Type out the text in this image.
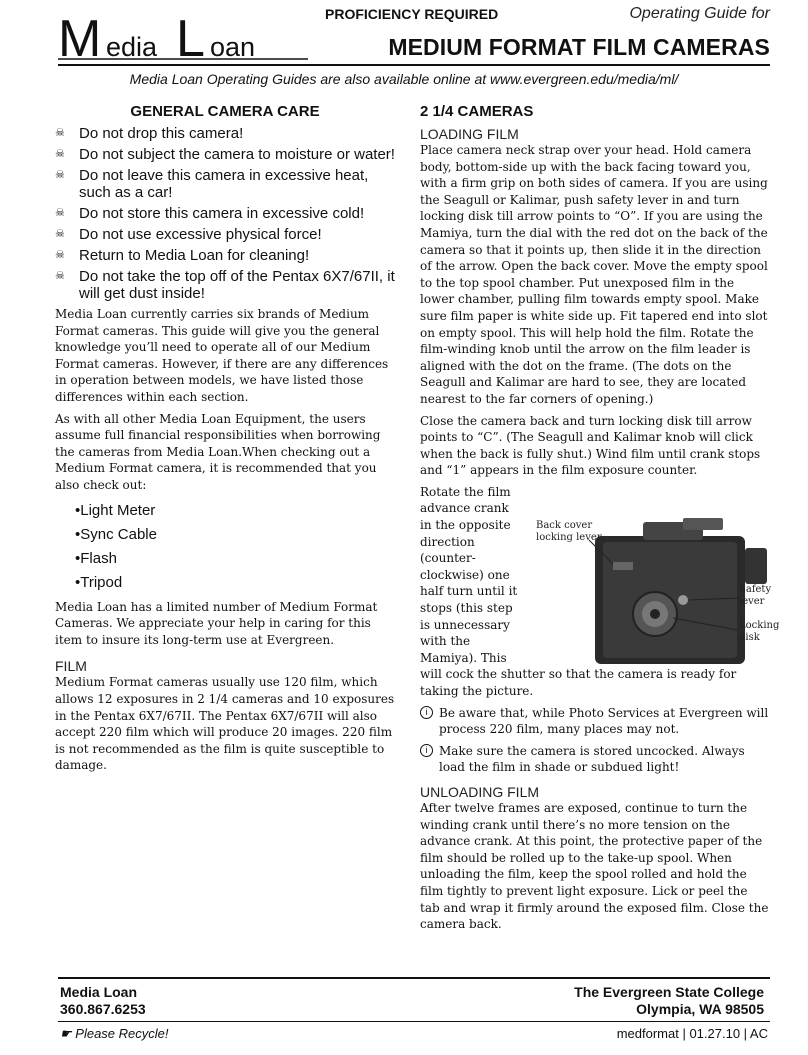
M edia L oan
PROFICIENCY REQUIRED	Operating Guide for
MEDIUM FORMAT FILM CAMERAS
Media Loan Operating Guides are also available online at www.evergreen.edu/media/ml/
GENERAL CAMERA CARE
☠ Do not drop this camera!
☠ Do not subject the camera to moisture or water!
☠ Do not leave this camera in excessive heat, such as a car!
☠ Do not store this camera in excessive cold!
☠ Do not use excessive physical force!
☠ Return to Media Loan for cleaning!
☠ Do not take the top off of the Pentax 6X7/67II, it will get dust inside!

Media Loan currently carries six brands of Medium Format cameras. This guide will give you the general knowledge you’ll need to operate all of our Medium Format cameras. However, if there are any differences in operation between models, we have listed those differences within each section.

As with all other Media Loan Equipment, the users assume full financial responsibilities when borrowing the cameras from Media Loan.When checking out a Medium Format camera, it is recommended that you also check out:

•Light Meter
•Sync Cable
•Flash
•Tripod

Media Loan has a limited number of Medium Format Cameras. We appreciate your help in caring for this item to insure its long-term use at Evergreen.

FILM

Medium Format cameras usually use 120 film, which allows 12 exposures in 2 1/4 cameras and 10 exposures in the Pentax 6X7/67II. The Pentax 6X7/67II will also accept 220 film which will produce 20 images. 220 film is not recommended as the film is quite susceptible to damage.

2 1/4 CAMERAS
LOADING FILM

Place camera neck strap over your head. Hold camera body, bottom-side up with the back facing toward you, with a firm grip on both sides of camera. If you are using the Seagull or Kalimar, push safety lever in and turn locking disk till arrow points to “O”. If you are using the Mamiya, turn the dial with the red dot on the back of the camera so that it points up, then slide it in the direction of the arrow. Open the back cover. Move the empty spool to the top spool chamber. Put unexposed film in the lower chamber, pulling film towards empty spool. Make sure film paper is white side up. Fit tapered end into slot on empty spool. This will help hold the film. Rotate the film-winding knob until the arrow on the film leader is aligned with the dot on the frame. (The dots on the Seagull and Kalimar are hard to see, they are located nearest to the far corners of opening.)

Close the camera back and turn locking disk till arrow points to “C”. (The Seagull and Kalimar knob will click when the back is fully shut.) Wind film until crank stops and “1” appears in the film exposure counter.

Rotate the film
advance crank
in the opposite
direction
(counter-
clockwise) one
half turn until it
stops (this step
is unnecessary
with the
Mamiya). This

will cock the shutter so that the camera is ready for taking the picture.

i Be aware that, while Photo Services at Evergreen will process 220 film, many places may not.
i Make sure the camera is stored uncocked. Always load the film in shade or subdued light!
UNLOADING FILM

After twelve frames are exposed, continue to turn the winding crank until there’s no more tension on the advance crank. At this point, the protective paper of the film should be rolled up to the take-up spool. When unloading the film, keep the spool rolled and hold the film tightly to prevent light exposure. Lick or peel the tab and wrap it firmly around the exposed film. Close the camera back.

Back cover locking lever
Safety lever
Locking disk
Media Loan
360.867.6253
The Evergreen State College
Olympia, WA 98505
☛ Please Recycle!	medformat | 01.27.10 | AC
